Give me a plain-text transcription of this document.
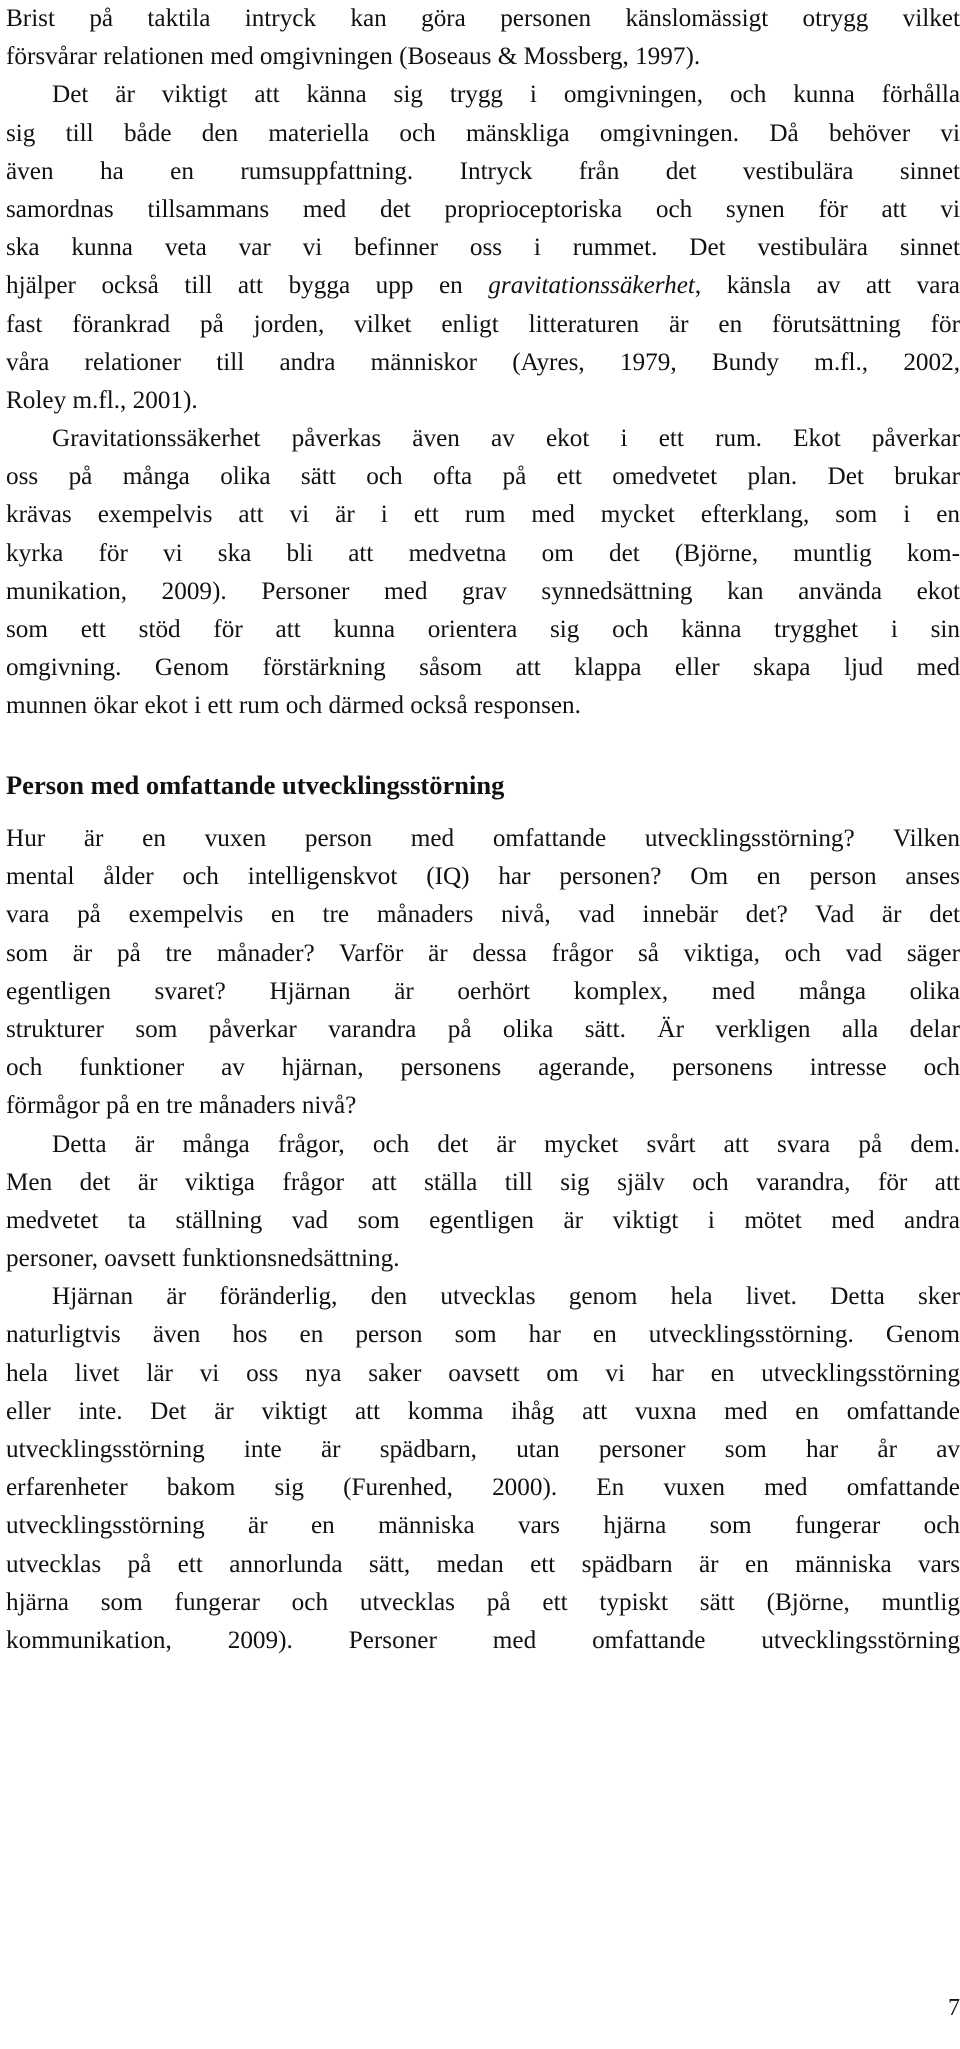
Brist på taktila intryck kan göra personen känslomässigt otrygg vilket
försvårar relationen med omgivningen (Boseaus & Mossberg, 1997).
Det är viktigt att känna sig trygg i omgivningen, och kunna förhålla
sig till både den materiella och mänskliga omgivningen. Då behöver vi
även ha en rumsuppfattning. Intryck från det vestibulära sinnet
samordnas tillsammans med det proprioceptoriska och synen för att vi
ska kunna veta var vi befinner oss i rummet. Det vestibulära sinnet
hjälper också till att bygga upp en gravitationssäkerhet, känsla av att vara
fast förankrad på jorden, vilket enligt litteraturen är en förutsättning för
våra relationer till andra människor (Ayres, 1979, Bundy m.fl., 2002,
Roley m.fl., 2001).
Gravitationssäkerhet påverkas även av ekot i ett rum. Ekot påverkar
oss på många olika sätt och ofta på ett omedvetet plan. Det brukar
krävas exempelvis att vi är i ett rum med mycket efterklang, som i en
kyrka för vi ska bli att medvetna om det (Björne, muntlig kom-
munikation, 2009). Personer med grav synnedsättning kan använda ekot
som ett stöd för att kunna orientera sig och känna trygghet i sin
omgivning. Genom förstärkning såsom att klappa eller skapa ljud med
munnen ökar ekot i ett rum och därmed också responsen.
Person med omfattande utvecklingsstörning
Hur är en vuxen person med omfattande utvecklingsstörning? Vilken
mental ålder och intelligenskvot (IQ) har personen? Om en person anses
vara på exempelvis en tre månaders nivå, vad innebär det? Vad är det
som är på tre månader? Varför är dessa frågor så viktiga, och vad säger
egentligen svaret? Hjärnan är oerhört komplex, med många olika
strukturer som påverkar varandra på olika sätt. Är verkligen alla delar
och funktioner av hjärnan, personens agerande, personens intresse och
förmågor på en tre månaders nivå?
Detta är många frågor, och det är mycket svårt att svara på dem.
Men det är viktiga frågor att ställa till sig själv och varandra, för att
medvetet ta ställning vad som egentligen är viktigt i mötet med andra
personer, oavsett funktionsnedsättning.
Hjärnan är föränderlig, den utvecklas genom hela livet. Detta sker
naturligtvis även hos en person som har en utvecklingsstörning. Genom
hela livet lär vi oss nya saker oavsett om vi har en utvecklingsstörning
eller inte. Det är viktigt att komma ihåg att vuxna med en omfattande
utvecklingsstörning inte är spädbarn, utan personer som har år av
erfarenheter bakom sig (Furenhed, 2000). En vuxen med omfattande
utvecklingsstörning är en människa vars hjärna som fungerar och
utvecklas på ett annorlunda sätt, medan ett spädbarn är en människa vars
hjärna som fungerar och utvecklas på ett typiskt sätt (Björne, muntlig
kommunikation, 2009). Personer med omfattande utvecklingsstörning

7
